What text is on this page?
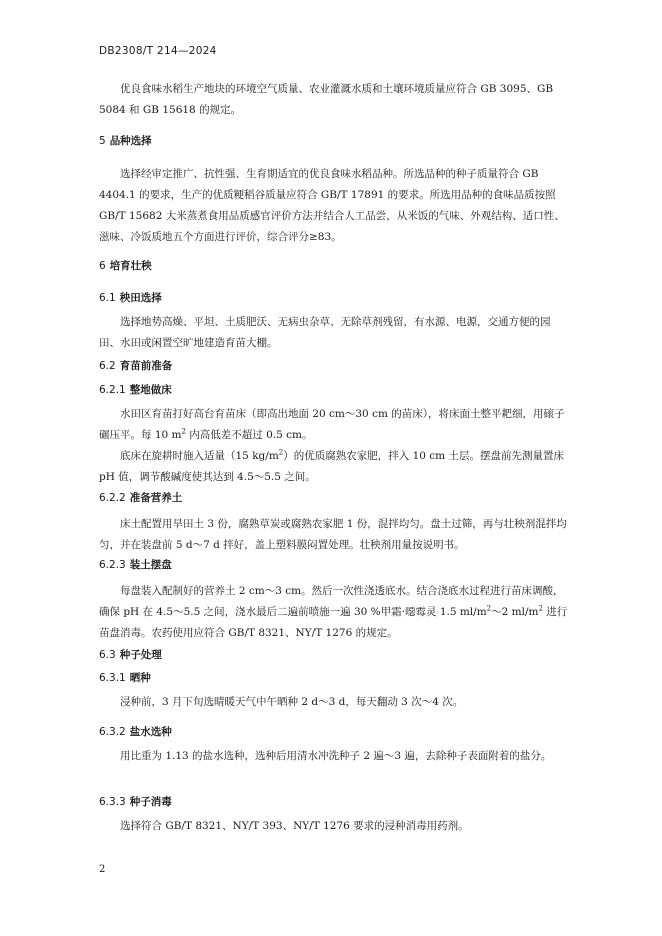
DB2308/T 214—2024

优良食味水稻生产地块的环境空气质量、农业灌溉水质和土壤环境质量应符合 GB 3095、GB 5084 和 GB 15618 的规定。

5 品种选择

选择经审定推广、抗性强、生育期适宜的优良食味水稻品种。所选品种的种子质量符合 GB 4404.1 的要求，生产的优质粳稻谷质量应符合 GB/T 17891 的要求。所选用品种的食味品质按照 GB/T 15682 大米蒸煮食用品质感官评价方法并结合人工品尝，从米饭的气味、外观结构、适口性、滋味、冷饭质地五个方面进行评价，综合评分≥83。

6 培育壮秧
6.1 秧田选择

选择地势高燥、平坦、土质肥沃、无病虫杂草、无除草剂残留，有水源、电源，交通方便的园田、水田或闲置空旷地建造育苗大棚。

6.2 育苗前准备
6.2.1 整地做床

水田区育苗打好高台育苗床（即高出地面 20 cm～30 cm 的苗床），将床面土整平耙细，用磙子碾压平。每 10 $m^2$ 内高低差不超过 0.5 cm。

底床在旋耕时施入适量（15 $kg/m^2$）的优质腐熟农家肥，拌入 10 cm 土层。摆盘前先测量置床 pH 值，调节酸碱度使其达到 4.5～5.5 之间。

6.2.2 准备营养土

床土配置用旱田土 3 份，腐熟草炭或腐熟农家肥 1 份，混拌均匀。盘土过筛，再与壮秧剂混拌均匀，并在装盘前 5 d～7 d 拌好，盖上塑料膜闷置处理。壮秧剂用量按说明书。

6.2.3 装土摆盘

每盘装入配制好的营养土 2 cm～3 cm。然后一次性浇透底水。结合浇底水过程进行苗床调酸，确保 pH 在 4.5～5.5 之间，浇水最后二遍前喷施一遍 30 %甲霜·噁霉灵 1.5 $ml/m^2\sim 2$ $ml/m^2$ 进行苗盘消毒。农药使用应符合 GB/T 8321、NY/T 1276 的规定。

6.3 种子处理
6.3.1 晒种

浸种前，3 月下旬选晴暖天气中午晒种 2 d～3 d，每天翻动 3 次～4 次。

6.3.2 盐水选种

用比重为 1.13 的盐水选种，选种后用清水冲洗种子 2 遍～3 遍，去除种子表面附着的盐分。

6.3.3 种子消毒

选择符合 GB/T 8321、NY/T 393、NY/T 1276 要求的浸种消毒用药剂。

2
